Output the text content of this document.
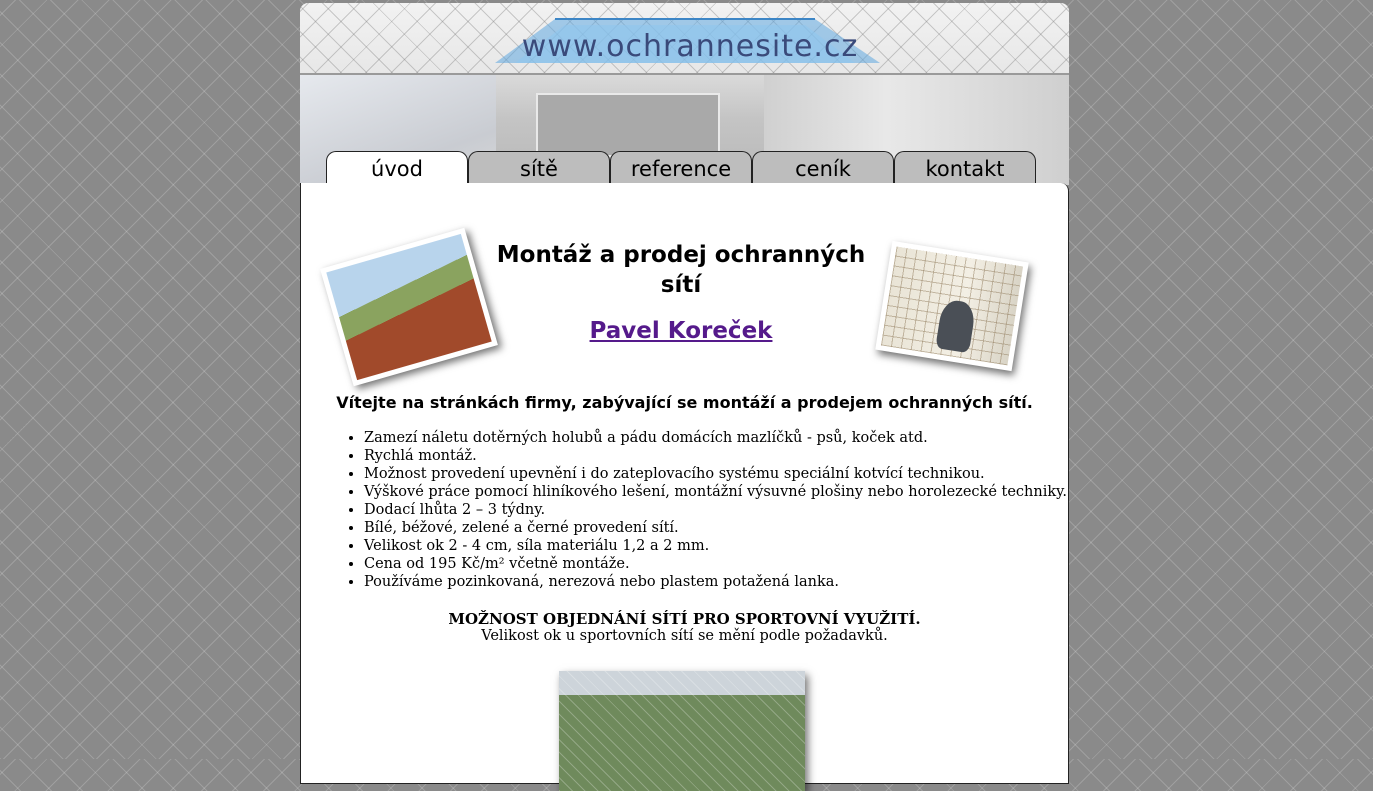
www.ochrannesite.cz
úvod	sítě	reference	ceník	kontakt
Montáž a prodej ochranných sítí
Pavel Koreček

Vítejte na stránkách firmy, zabývající se montáží a prodejem ochranných sítí.

• Zamezí náletu dotěrných holubů a pádu domácích mazlíčků - psů, koček atd.
• Rychlá montáž.
• Možnost provedení upevnění i do zateplovacího systému speciální kotvící technikou.
• Výškové práce pomocí hliníkového lešení, montážní výsuvné plošiny nebo horolezecké techniky.
• Dodací lhůta 2 – 3 týdny.
• Bílé, béžové, zelené a černé provedení sítí.
• Velikost ok 2 - 4 cm, síla materiálu 1,2 a 2 mm.
• Cena od 195 Kč/m² včetně montáže.
• Používáme pozinkovaná, nerezová nebo plastem potažená lanka.

MOŽNOST OBJEDNÁNÍ SÍTÍ PRO SPORTOVNÍ VYUŽITÍ.

Velikost ok u sportovních sítí se mění podle požadavků.
